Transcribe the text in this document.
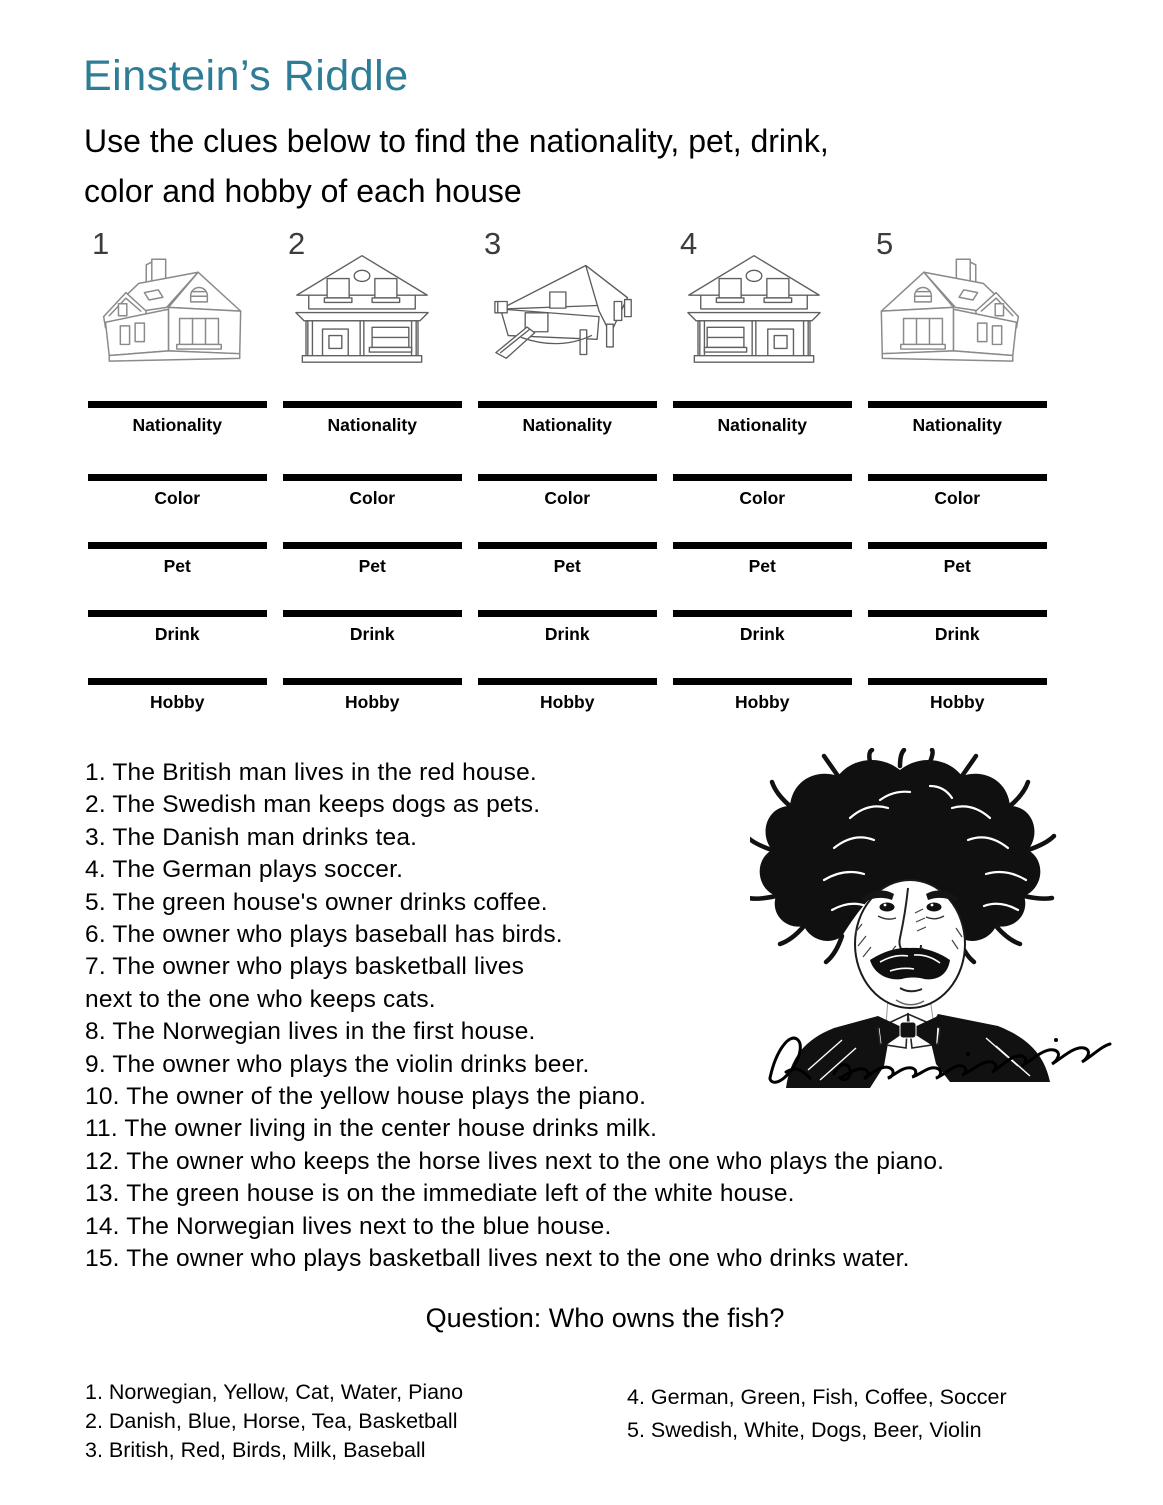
Einstein’s Riddle
Use the clues below to find the nationality, pet, drink,
color and hobby of each house
1	2	3	4	5
Nationality	Nationality	Nationality	Nationality	Nationality
Color	Color	Color	Color	Color
Pet	Pet	Pet	Pet	Pet
Drink	Drink	Drink	Drink	Drink
Hobby	Hobby	Hobby	Hobby	Hobby
1. The British man lives in the red house.
2. The Swedish man keeps dogs as pets.
3. The Danish man drinks tea.
4. The German plays soccer.
5. The green house's owner drinks coffee.
6. The owner who plays baseball has birds.
7. The owner who plays basketball lives
next to the one who keeps cats.
8. The Norwegian lives in the first house.
9. The owner who plays the violin drinks beer.
10. The owner of the yellow house plays the piano.
11. The owner living in the center house drinks milk.
12. The owner who keeps the horse lives next to the one who plays the piano.
13. The green house is on the immediate left of the white house.
14. The Norwegian lives next to the blue house.
15. The owner who plays basketball lives next to the one who drinks water.
Question: Who owns the fish?
1. Norwegian, Yellow, Cat, Water, Piano
2. Danish, Blue, Horse, Tea, Basketball
3. British, Red, Birds, Milk, Baseball
4. German, Green, Fish, Coffee, Soccer
5. Swedish, White, Dogs, Beer, Violin
